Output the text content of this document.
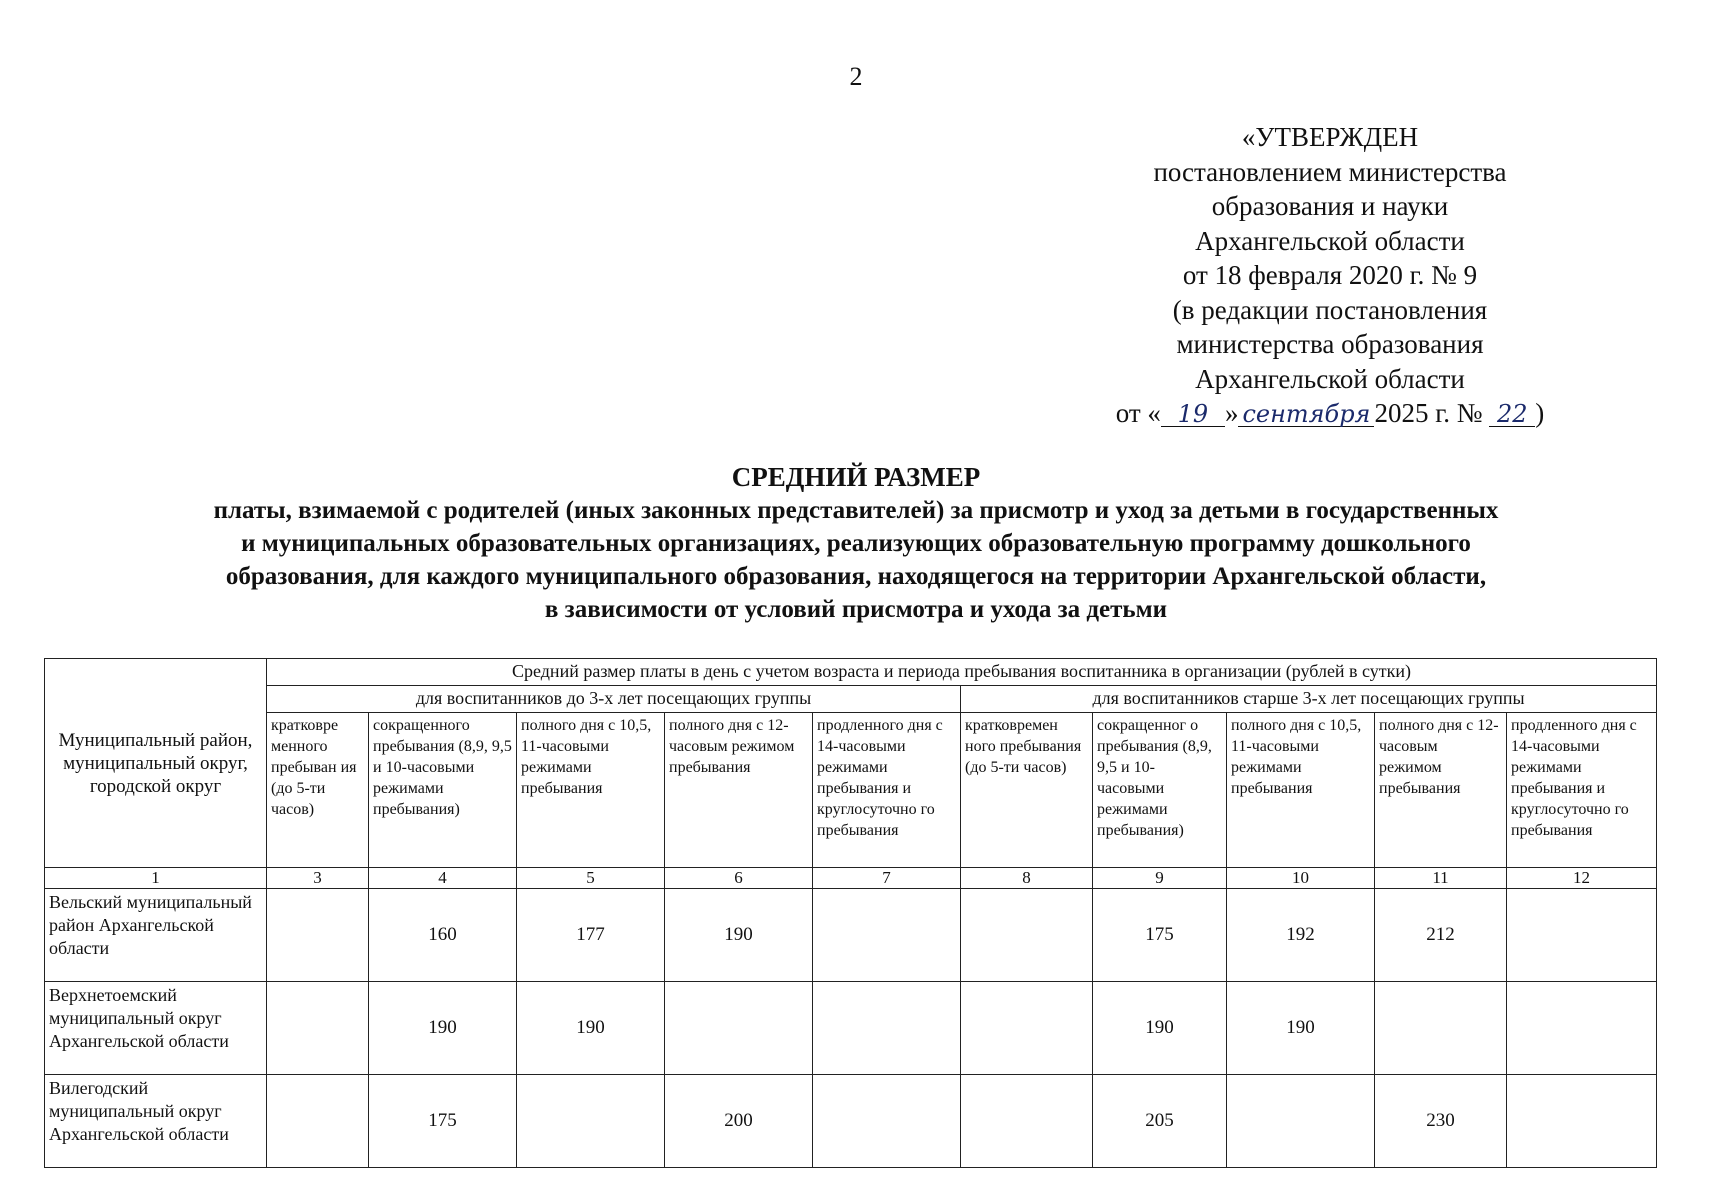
2
«УТВЕРЖДЕН
постановлением министерства
образования и науки
Архангельской области
от 18 февраля 2020 г. № 9
(в редакции постановления
министерства образования
Архангельской области
от « 19 » сентября 2025 г. № 22 )
СРЕДНИЙ РАЗМЕР
платы, взимаемой с родителей (иных законных представителей) за присмотр и уход за детьми в государственных
и муниципальных образовательных организациях, реализующих образовательную программу дошкольного
образования, для каждого муниципального образования, находящегося на территории Архангельской области,
в зависимости от условий присмотра и ухода за детьми
Муниципальный район, муниципальный округ, городской округ	Средний размер платы в день с учетом возраста и периода пребывания воспитанника в организации (рублей в сутки)									
	для воспитанников до 3-х лет посещающих группы					для воспитанников старше 3-х лет посещающих группы				
	кратковре менного пребыван ия (до 5-ти часов)	сокращенного пребывания (8,9, 9,5 и 10-часовыми режимами пребывания)	полного дня с 10,5, 11-часовыми режимами пребывания	полного дня с 12-часовым режимом пребывания	продленного дня с 14-часовыми режимами пребывания и круглосуточно го пребывания	кратковремен ного пребывания (до 5-ти часов)	сокращенног о пребывания (8,9, 9,5 и 10-часовыми режимами пребывания)	полного дня с 10,5, 11-часовыми режимами пребывания	полного дня с 12-часовым режимом пребывания	продленного дня с 14-часовыми режимами пребывания и круглосуточно го пребывания
1	3	4	5	6	7	8	9	10	11	12
Вельский муниципальный район Архангельской области		160	177	190			175	192	212	
Верхнетоемский муниципальный округ Архангельской области		190	190				190	190		
Вилегодский муниципальный округ Архангельской области		175		200			205		230	
